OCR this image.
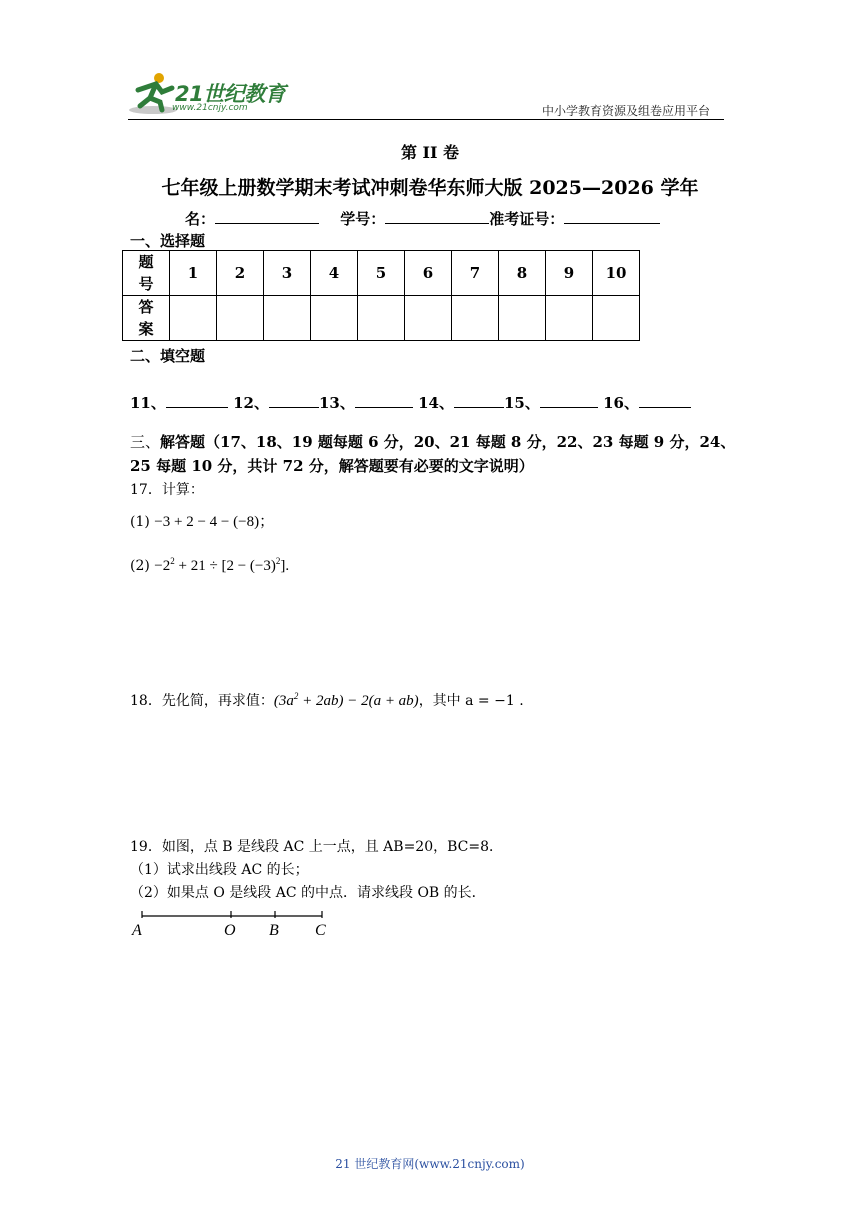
21世纪教育
www.21cnjy.com	中小学教育资源及组卷应用平台
第 II 卷
七年级上册数学期末考试冲刺卷华东师大版 2025—2026 学年
名：	学号：	准考证号：
一、选择题
题
号	1	2	3	4	5	6	7	8	9	10
答
案										
二、填空题
11、	12、	13、	14、	15、	16、
三、解答题（17、18、19 题每题 6 分，20、21 每题 8 分，22、23 每题 9 分，24、25 每题 10 分，共计 72 分，解答题要有必要的文字说明）
17．计算：
(1) −3 + 2 − 4 − (−8)；
$(2) -2^2 + 21 \div [2 - (-3)^2]$.
18．先化简，再求值：$(3a^2 + 2ab) - 2(a + ab)$，其中 a = −1 .
19．如图，点 B 是线段 AC 上一点，且 AB=20，BC=8．
（1）试求出线段 AC 的长；
（2）如果点 O 是线段 AC 的中点．请求线段 OB 的长．
A	O B C
21 世纪教育网(www.21cnjy.com)
